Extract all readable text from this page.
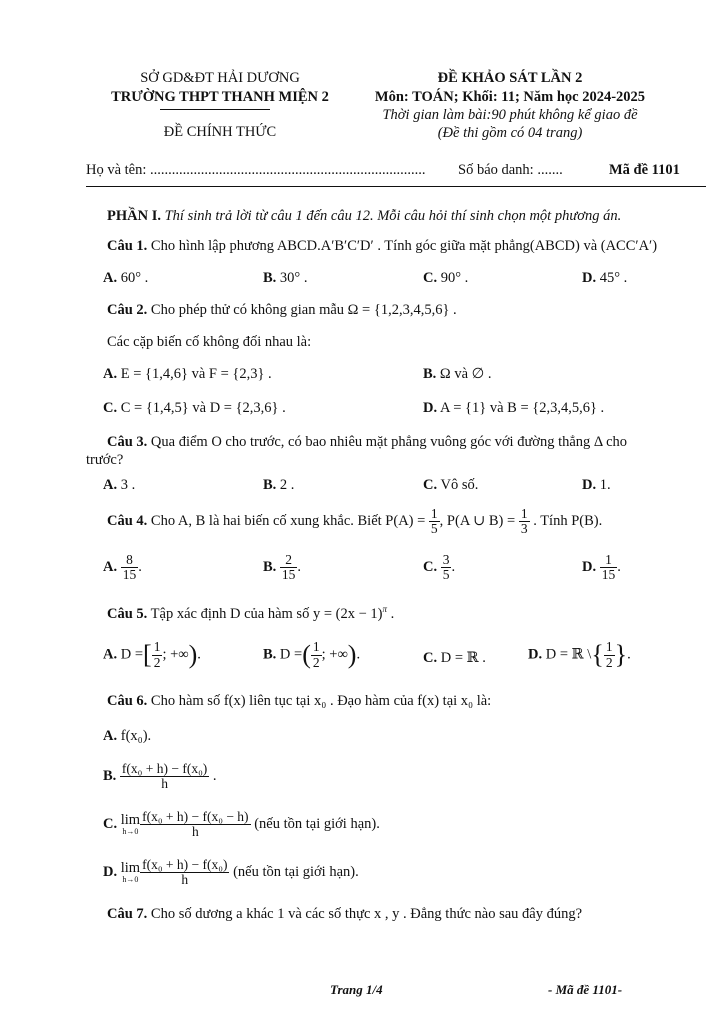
SỞ GD&ĐT HẢI DƯƠNG
TRƯỜNG THPT THANH MIỆN 2
ĐỀ CHÍNH THỨC
ĐỀ KHẢO SÁT LẦN 2
Môn: TOÁN; Khối: 11; Năm học 2024-2025
Thời gian làm bài:90 phút không kể giao đề
(Đề thi gồm có 04 trang)
Họ và tên: ............................................................................ Số báo danh: .......	Mã đề 1101
PHẦN I. Thí sinh trả lời từ câu 1 đến câu 12. Mỗi câu hỏi thí sinh chọn một phương án.
Câu 1. Cho hình lập phương ABCD.A′B′C′D′ . Tính góc giữa mặt phẳng(ABCD) và (ACC′A′)
A. 60° .	B. 30° .	C. 90° .	D. 45° .
Câu 2. Cho phép thử có không gian mẫu Ω = {1,2,3,4,5,6} .
Các cặp biến cố không đối nhau là:
A. E = {1,4,6} và F = {2,3} .	B. Ω và ∅ .
C. C = {1,4,5} và D = {2,3,6} .	D. A = {1} và B = {2,3,4,5,6} .
Câu 3. Qua điểm O cho trước, có bao nhiêu mặt phẳng vuông góc với đường thẳng Δ cho
trước?
A. 3 .	B. 2 .	C. Vô số.	D. 1.
Câu 4. Cho A, B là hai biến cố xung khắc. Biết $P(A) = \frac{1}{5}$ , P(A ∪ $B) = \frac{1}{3}$ . Tính P(B).
A. $\frac{8}{15}$ .	B. $\frac{2}{15}$ .	C. $\frac{3}{5}$ .	D. $\frac{1}{15}$ .
Câu 5. Tập xác định D của hàm số $y = (2x - 1)^\pi$ .
A. D =[ $\frac{1}{2}$ ; +∞).	B. D =( $\frac{1}{2}$ ; +∞).	C. D = ℝ .	D. D = ℝ \{ $\frac{1}{2}$ }.
Câu 6. Cho hàm số f(x) liên tục tại x₀ . Đạo hàm của f(x) tại x₀ là:
A. f(x₀).
B. $\frac{\text{f(x₀ + h) − f(x₀)}}{h}$ .
C. lim
$h\to 0 \frac{\text{f(x₀ + h) − f(x₀ − h)}}{h}$ (nếu tồn tại giới hạn).
D. lim
$h\to 0 \frac{\text{f(x₀ + h) − f(x₀)}}{h}$ (nếu tồn tại giới hạn).
Câu 7. Cho số dương a khác 1 và các số thực x , y . Đẳng thức nào sau đây đúng?
Trang 1/4	- Mã đề 1101-
